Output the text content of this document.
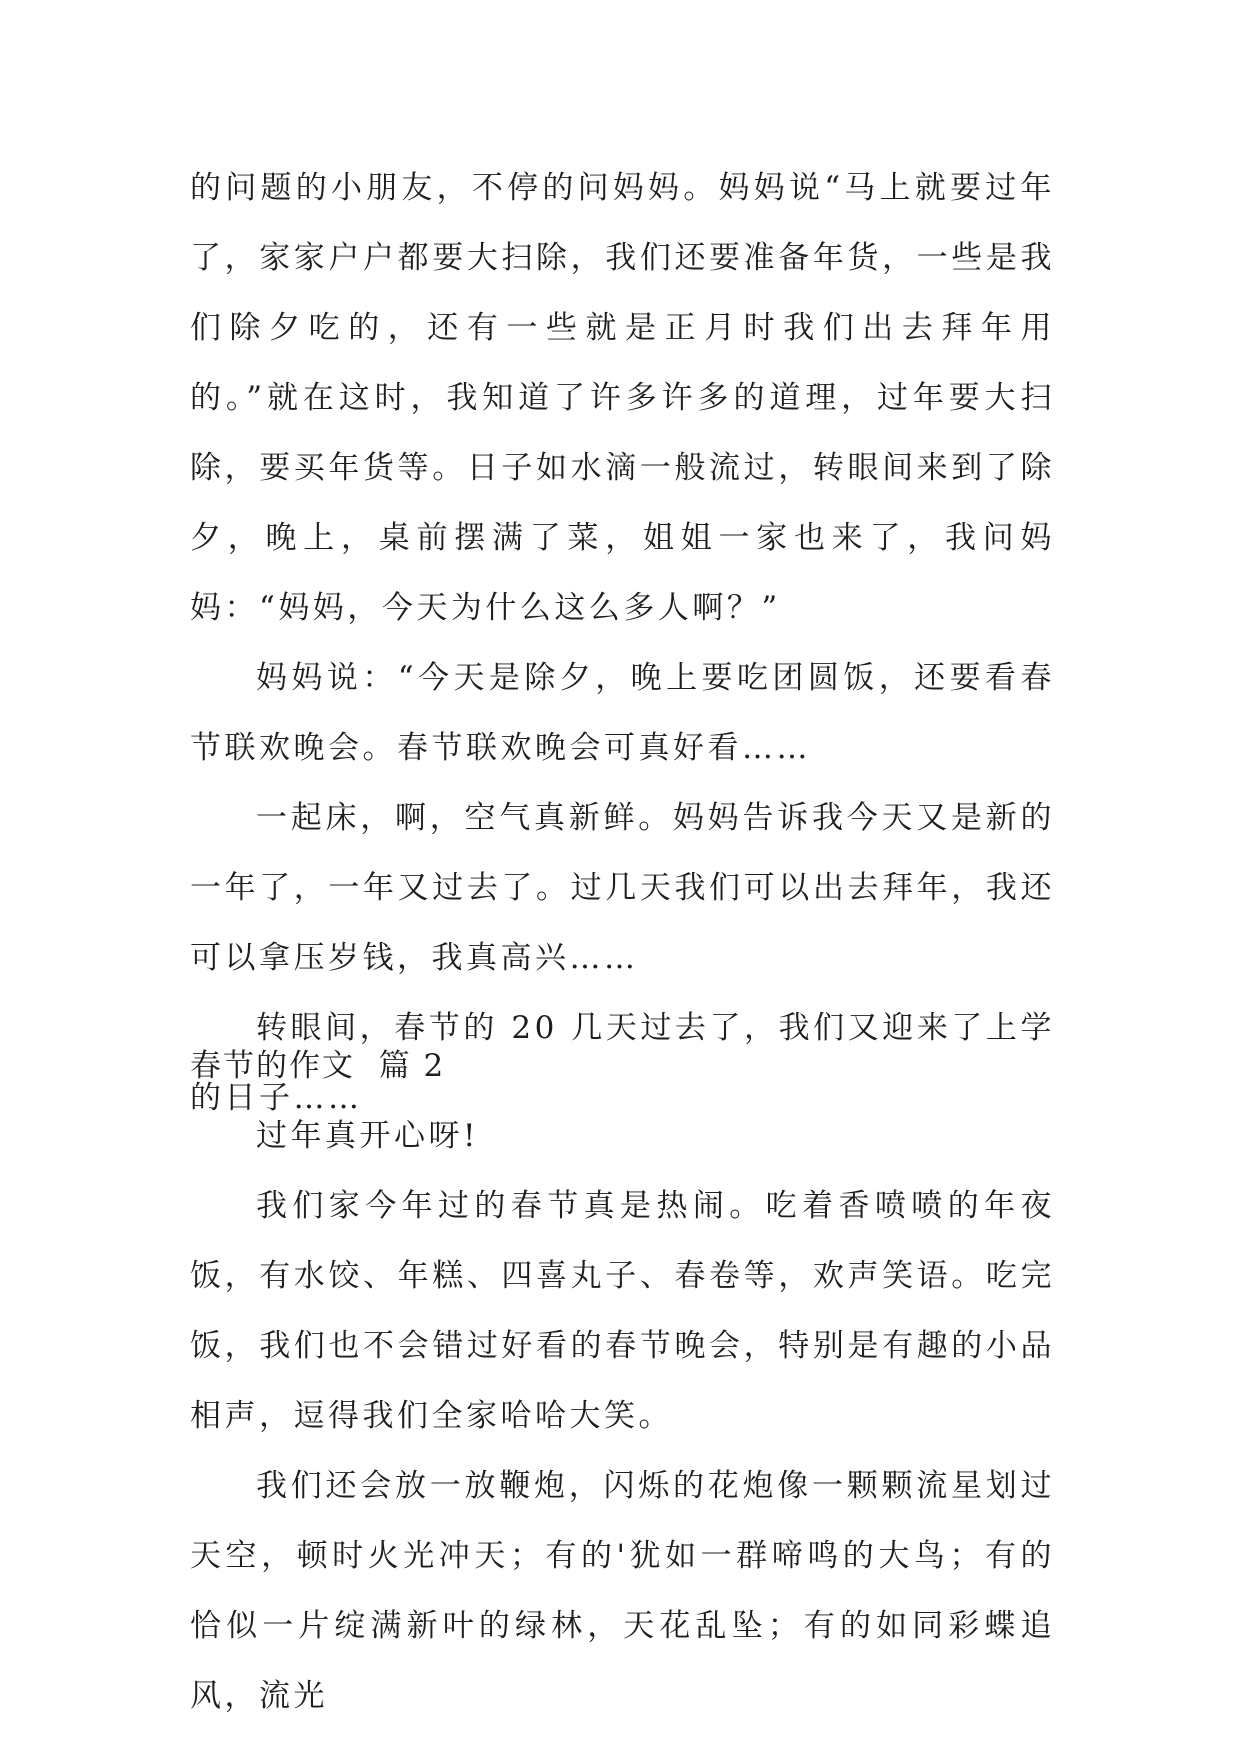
的问题的小朋友，不停的问妈妈。妈妈说“马上就要过年了，家家户户都要大扫除，我们还要准备年货，一些是我们除夕吃的，还有一些就是正月时我们出去拜年用的。”就在这时，我知道了许多许多的道理，过年要大扫除，要买年货等。日子如水滴一般流过，转眼间来到了除夕，晚上，桌前摆满了菜，姐姐一家也来了，我问妈妈：“妈妈，今天为什么这么多人啊？”

妈妈说：“今天是除夕，晚上要吃团圆饭，还要看春节联欢晚会。春节联欢晚会可真好看……

一起床，啊，空气真新鲜。妈妈告诉我今天又是新的一年了，一年又过去了。过几天我们可以出去拜年，我还可以拿压岁钱，我真高兴……

转眼间，春节的 20 几天过去了，我们又迎来了上学的日子……

春节的作文  篇 2

过年真开心呀!

我们家今年过的春节真是热闹。吃着香喷喷的年夜饭，有水饺、年糕、四喜丸子、春卷等，欢声笑语。吃完饭，我们也不会错过好看的春节晚会，特别是有趣的小品相声，逗得我们全家哈哈大笑。

我们还会放一放鞭炮，闪烁的花炮像一颗颗流星划过天空，顿时火光冲天；有的'犹如一群啼鸣的大鸟；有的恰似一片绽满新叶的绿林，天花乱坠；有的如同彩蝶追风，流光
